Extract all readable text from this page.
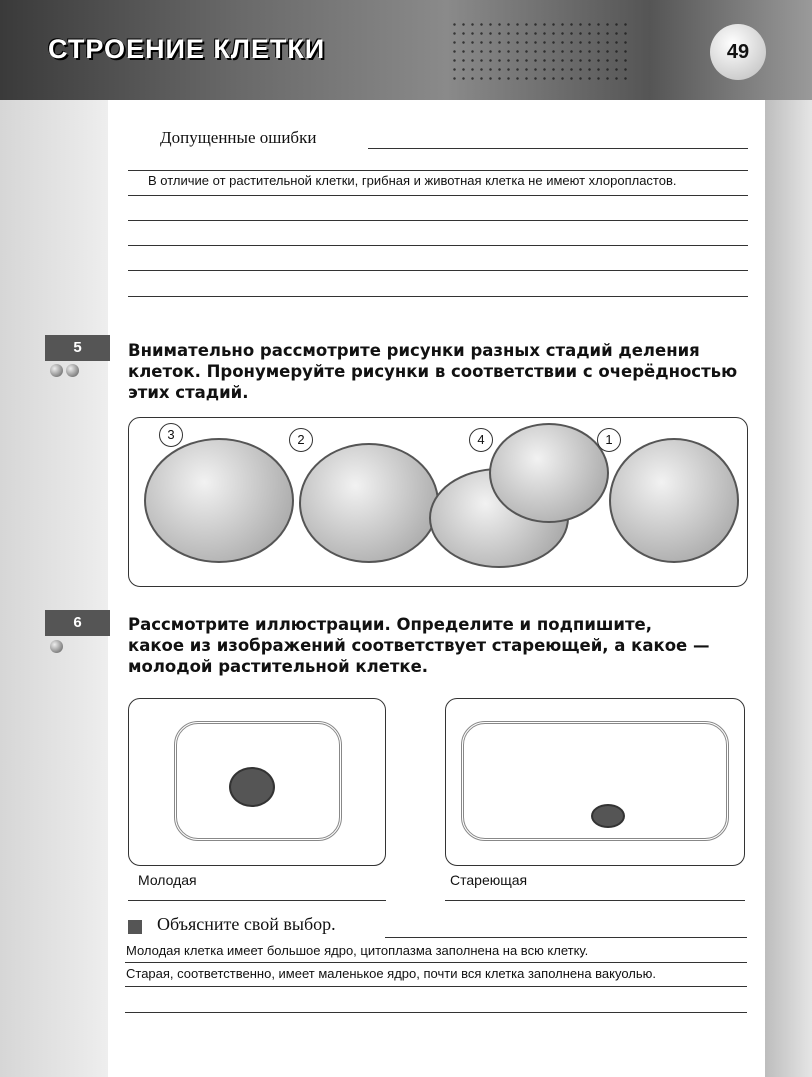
СТРОЕНИЕ КЛЕТКИ	49
Допущенные ошибки
В отличие от растительной клетки, грибная и животная клетка не имеют хлоропластов.
5	Внимательно рассмотрите рисунки разных стадий деления
клеток. Пронумеруйте рисунки в соответствии с очерёдностью
этих стадий.
3	2	4	1
6	Рассмотрите иллюстрации. Определите и подпишите,
какое из изображений соответствует стареющей, а какое —
молодой растительной клетке.
Молодая	Стареющая
Объясните свой выбор.
Молодая клетка имеет большое ядро, цитоплазма заполнена на всю клетку.
Старая, соответственно, имеет маленькое ядро, почти вся клетка заполнена вакуолью.
